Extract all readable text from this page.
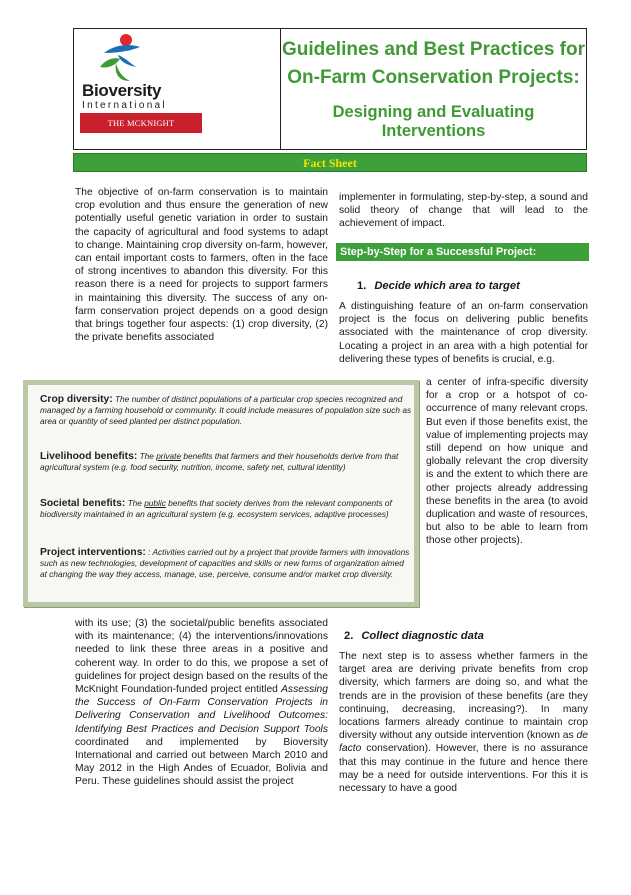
Bioversity
International
THE MCKNIGHT FOUNDATION
Guidelines and Best Practices for
On-Farm Conservation Projects:
Designing and Evaluating Interventions
Fact Sheet
The objective of on-farm conservation is to maintain crop evolution and thus ensure the generation of new potentially useful genetic variation in order to sustain the capacity of agricultural and food systems to adapt to change. Maintaining crop diversity on-farm, however, can entail important costs to farmers, often in the face of strong incentives to abandon this diversity. For this reason there is a need for projects to support farmers in maintaining this diversity. The success of any on-farm conservation project depends on a good design that brings together four aspects: (1) crop diversity, (2) the private benefits associated
with its use; (3) the societal/public benefits associated with its maintenance; (4) the interventions/innovations needed to link these three areas in a positive and coherent way. In order to do this, we propose a set of guidelines for project design based on the results of the McKnight Foundation-funded project entitled Assessing the Success of On-Farm Conservation Projects in Delivering Conservation and Livelihood Outcomes: Identifying Best Practices and Decision Support Tools coordinated and implemented by Bioversity International and carried out between March 2010 and May 2012 in the High Andes of Ecuador, Bolivia and Peru. These guidelines should assist the project
implementer in formulating, step-by-step, a sound and solid theory of change that will lead to the achievement of impact.
Step-by-Step for a Successful Project:
1. Decide which area to target
A distinguishing feature of an on-farm conservation project is the focus on delivering public benefits associated with the maintenance of crop diversity. Locating a project in an area with a high potential for delivering these types of benefits is crucial, e.g.
a center of infra-specific diversity for a crop or a hotspot of co-occurrence of many relevant crops. But even if those benefits exist, the value of implementing projects may still depend on how unique and globally relevant the crop diversity is and the extent to which there are other projects already addressing these benefits in the area (to avoid duplication and waste of resources, but also to be able to learn from those other projects).
2. Collect diagnostic data
The next step is to assess whether farmers in the target area are deriving private benefits from crop diversity, which farmers are doing so, and what the trends are in the provision of these benefits (are they continuing, decreasing, increasing?). In many locations farmers already continue to maintain crop diversity without any outside intervention (known as de facto conservation). However, there is no assurance that this may continue in the future and hence there may be a need for outside interventions. For this it is necessary to have a good
Crop diversity: The number of distinct populations of a particular crop species recognized and managed by a farming household or community. It could include measures of population size such as area or quantity of seed planted per distinct population.
Livelihood benefits: The private benefits that farmers and their households derive from that agricultural system (e.g. food security, nutrition, income, safety net, cultural identity)
Societal benefits: The public benefits that society derives from the relevant components of biodiversity maintained in an agricultural system (e.g. ecosystem services, adaptive processes)
Project interventions: : Activities carried out by a project that provide farmers with innovations such as new technologies, development of capacities and skills or new forms of organization aimed at changing the way they access, manage, use, perceive, consume and/or market crop diversity.
